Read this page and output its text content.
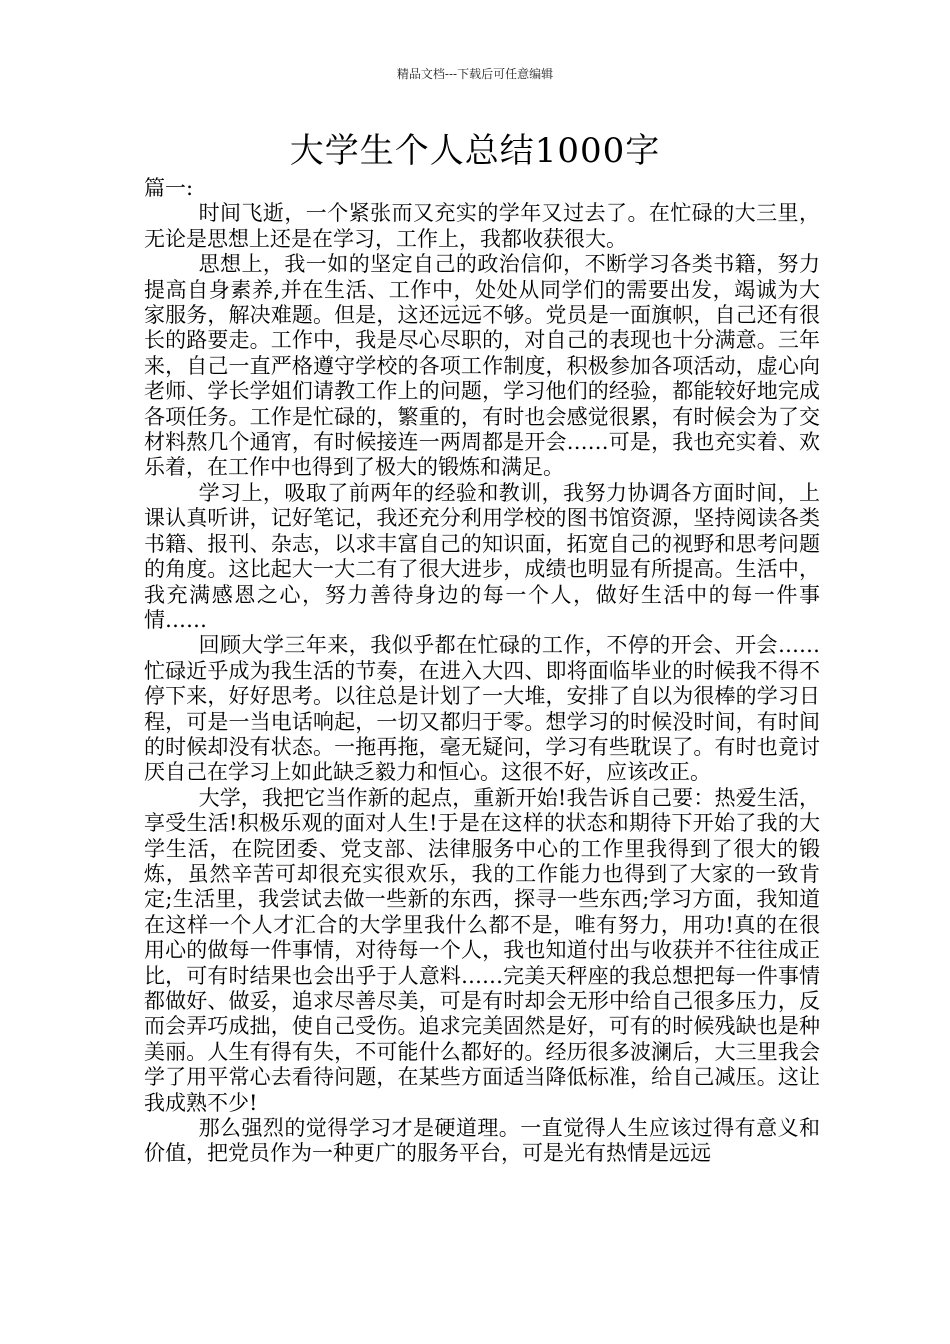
精品文档---下载后可任意编辑
大学生个人总结1000字

篇一:

时间飞逝，一个紧张而又充实的学年又过去了。在忙碌的大三里，无论是思想上还是在学习，工作上，我都收获很大。

思想上，我一如的坚定自己的政治信仰，不断学习各类书籍，努力提高自身素养,并在生活、工作中，处处从同学们的需要出发，竭诚为大家服务，解决难题。但是，这还远远不够。党员是一面旗帜，自己还有很长的路要走。工作中，我是尽心尽职的，对自己的表现也十分满意。三年来，自己一直严格遵守学校的各项工作制度，积极参加各项活动，虚心向老师、学长学姐们请教工作上的问题，学习他们的经验，都能较好地完成各项任务。工作是忙碌的，繁重的，有时也会感觉很累，有时候会为了交材料熬几个通宵，有时候接连一两周都是开会……可是，我也充实着、欢乐着，在工作中也得到了极大的锻炼和满足。

学习上，吸取了前两年的经验和教训，我努力协调各方面时间，上课认真听讲，记好笔记，我还充分利用学校的图书馆资源，坚持阅读各类书籍、报刊、杂志，以求丰富自己的知识面，拓宽自己的视野和思考问题的角度。这比起大一大二有了很大进步，成绩也明显有所提高。生活中，我充满感恩之心，努力善待身边的每一个人，做好生活中的每一件事情……

回顾大学三年来，我似乎都在忙碌的工作，不停的开会、开会……忙碌近乎成为我生活的节奏，在进入大四、即将面临毕业的时候我不得不停下来，好好思考。以往总是计划了一大堆，安排了自以为很棒的学习日程，可是一当电话响起，一切又都归于零。想学习的时候没时间，有时间的时候却没有状态。一拖再拖，毫无疑问，学习有些耽误了。有时也竟讨厌自己在学习上如此缺乏毅力和恒心。这很不好，应该改正。

大学，我把它当作新的起点，重新开始!我告诉自己要：热爱生活，享受生活!积极乐观的面对人生!于是在这样的状态和期待下开始了我的大学生活，在院团委、党支部、法律服务中心的工作里我得到了很大的锻炼，虽然辛苦可却很充实很欢乐，我的工作能力也得到了大家的一致肯定;生活里，我尝试去做一些新的东西，探寻一些东西;学习方面，我知道在这样一个人才汇合的大学里我什么都不是，唯有努力，用功!真的在很用心的做每一件事情，对待每一个人，我也知道付出与收获并不往往成正比，可有时结果也会出乎于人意料……完美天秤座的我总想把每一件事情都做好、做妥，追求尽善尽美，可是有时却会无形中给自己很多压力，反而会弄巧成拙，使自己受伤。追求完美固然是好，可有的时候残缺也是种美丽。人生有得有失，不可能什么都好的。经历很多波澜后，大三里我会学了用平常心去看待问题，在某些方面适当降低标准，给自己减压。这让我成熟不少!

那么强烈的觉得学习才是硬道理。一直觉得人生应该过得有意义和价值，把党员作为一种更广的服务平台，可是光有热情是远远
